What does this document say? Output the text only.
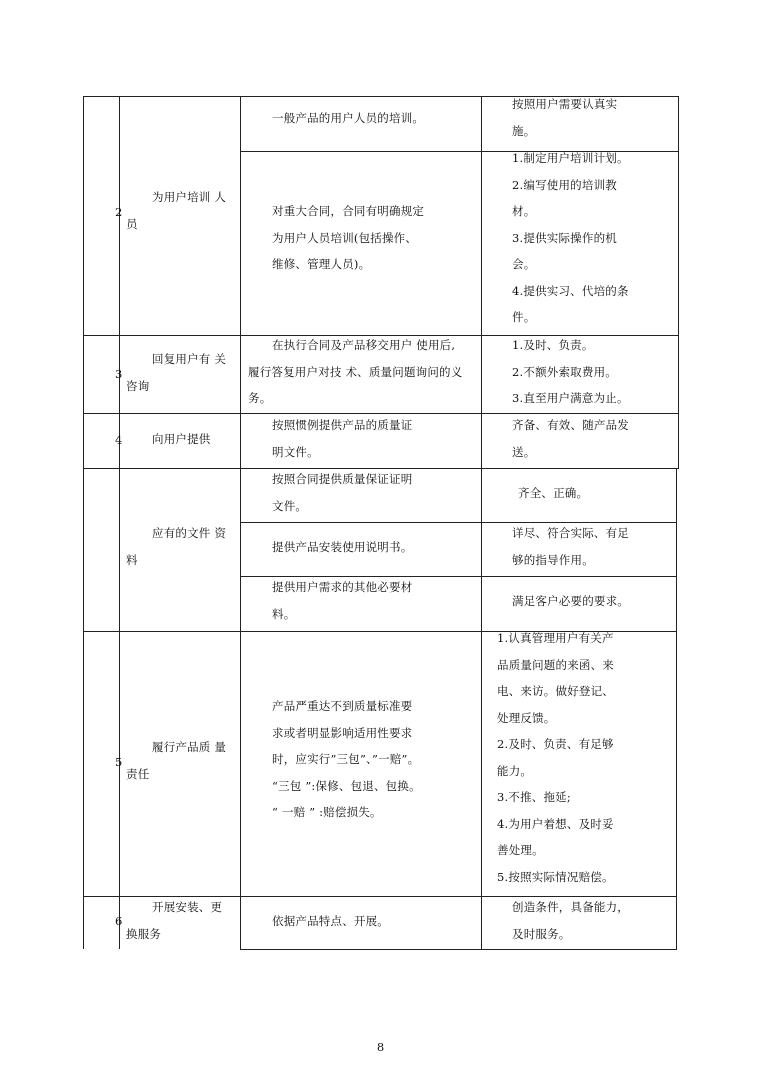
2
为用户培训 人
员
一般产品的用户人员的培训。
按照用户需要认真实
施。
对重大合同，合同有明确规定
为用户人员培训(包括操作、
维修、管理人员)。
1.制定用户培训计划。
2.编写使用的培训教
材。
3.提供实际操作的机
会。
4.提供实习、代培的条
件。
3
回复用户有 关
咨询
在执行合同及产品移交用户 使用后,
履行答复用户对技 术、质量问题询问的义
务。
1.及时、负责。
2.不额外索取费用。
3.直至用户满意为止。
4	向用户提供
按照惯例提供产品的质量证
明文件。
齐备、有效、随产品发
送。
应有的文件 资
料
按照合同提供质量保证证明
文件。
齐全、正确。
提供产品安装使用说明书。
详尽、符合实际、有足
够的指导作用。
提供用户需求的其他必要材
料。
满足客户必要的要求。
5
履行产品质 量
责任
产品严重达不到质量标准要
求或者明显影响适用性要求
时，应实行”三包”、”一赔”。
“三包 ”:保修、包退、包换。
“ 一赔 ” :赔偿损失。
1.认真管理用户有关产
品质量问题的来函、来
电、来访。做好登记、
处理反馈。
2.及时、负责、有足够
能力。
3.不推、拖延;
4.为用户着想、及时妥
善处理。
5.按照实际情况赔偿。
6
开展安装、更
换服务
依据产品特点、开展。
创造条件，具备能力，
及时服务。
8
